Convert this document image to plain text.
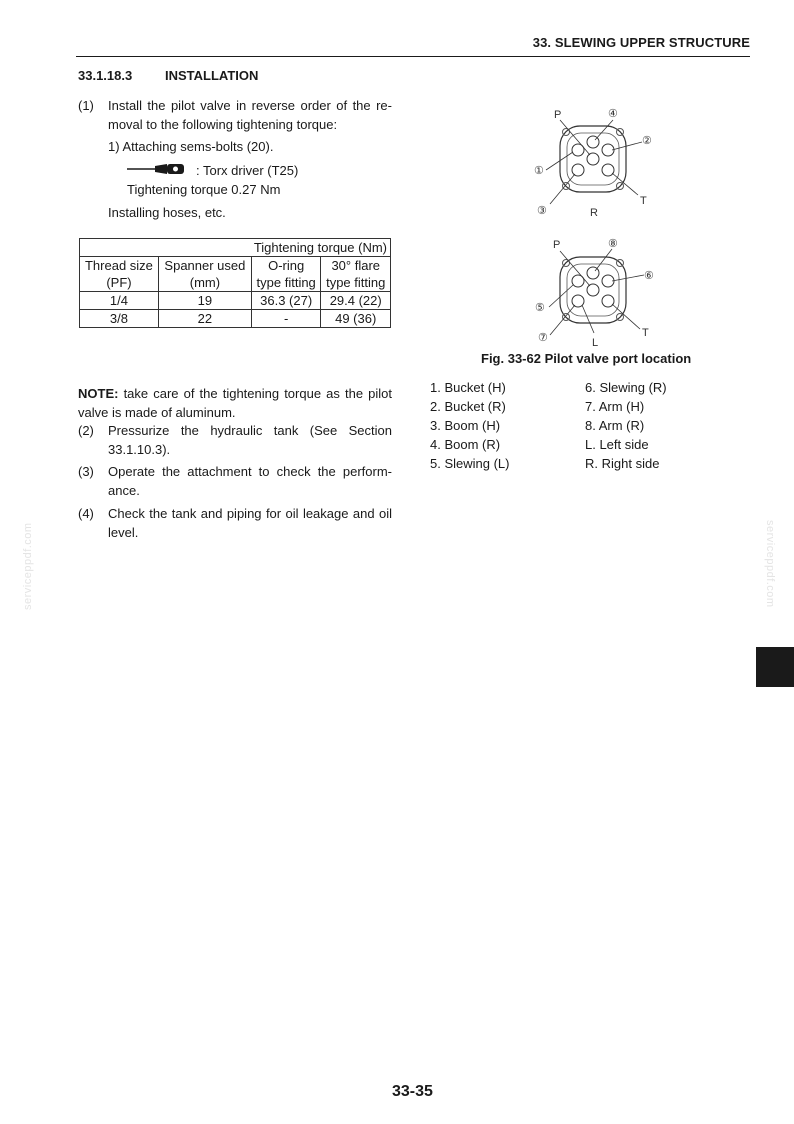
33. SLEWING UPPER STRUCTURE
33.1.18.3	INSTALLATION
(1) Install the pilot valve in reverse order of the re-
moval to the following tightening torque:
1) Attaching sems-bolts (20).
: Torx driver (T25)
Tightening torque 0.27 Nm
Installing hoses, etc.
Tightening torque (Nm)			
Thread size	Spanner used	O-ring	30° flare
(PF)	(mm)	type fitting	type fitting
1/4	19	36.3 (27)	29.4 (22)
3/8	22	-	49 (36)
NOTE: take care of the tightening torque as the pilot
valve is made of aluminum.
(2) Pressurize the hydraulic tank (See Section
33.1.10.3).
(3) Operate the attachment to check the perform-
ance.
(4) Check the tank and piping for oil leakage and oil
level.
P	④
②
①
③	R
T
P	⑧
⑥
⑤
⑦	L
T
Fig. 33-62 Pilot valve port location
1. Bucket (H)
2. Bucket (R)
3. Boom (H)
4. Boom (R)
5. Slewing (L)
6. Slewing (R)
7. Arm (H)
8. Arm (R)
L. Left side
R. Right side
serviceppdf.com	serviceppdf.com
33-35
